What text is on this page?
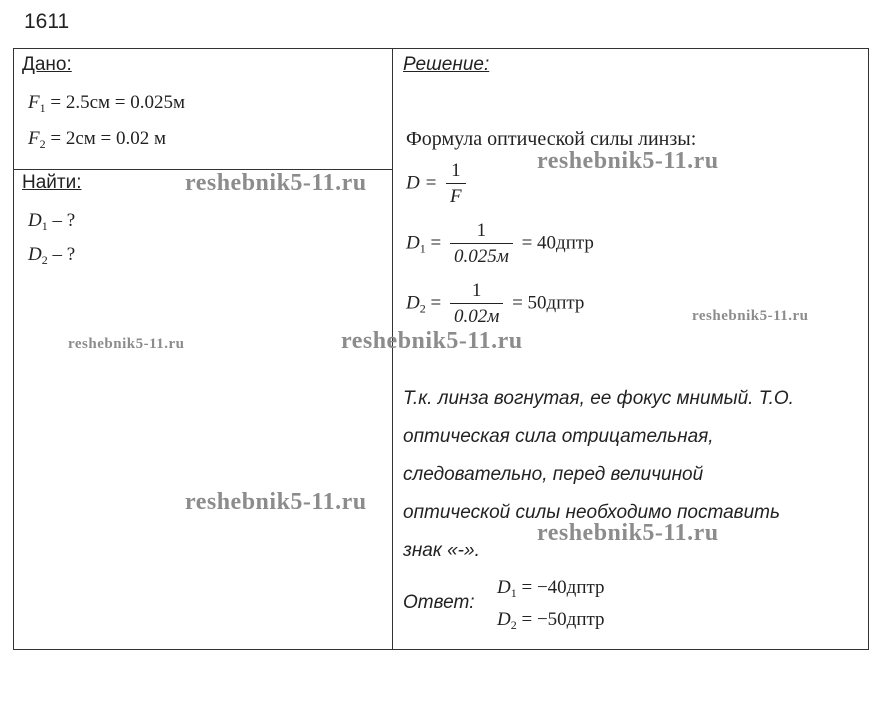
1611
Дано:
$F_1 = 2.5см = 0.025м$
$F_2 = 2см = 0.02$ м
Найти:
$D_1$ – ?
$D_2$ – ?
Решение:
Формула оптической силы линзы:
$D = \frac{1}{F}$
$D_1 = \frac{1}{0.025м}$ = 40дптр
$D_2 = \frac{1}{0.02м}$ = 50дптр
Т.к. линза вогнутая, ее фокус мнимый. Т.О.
оптическая сила отрицательная,
следовательно, перед величиной
оптической силы необходимо поставить
знак «-».
Ответ:
$D_1$ = −40дптр
$D_2$ = −50дптр
reshebnik5-11.ru
reshebnik5-11.ru
reshebnik5-11.ru
reshebnik5-11.ru	reshebnik5-11.ru
reshebnik5-11.ru
reshebnik5-11.ru
